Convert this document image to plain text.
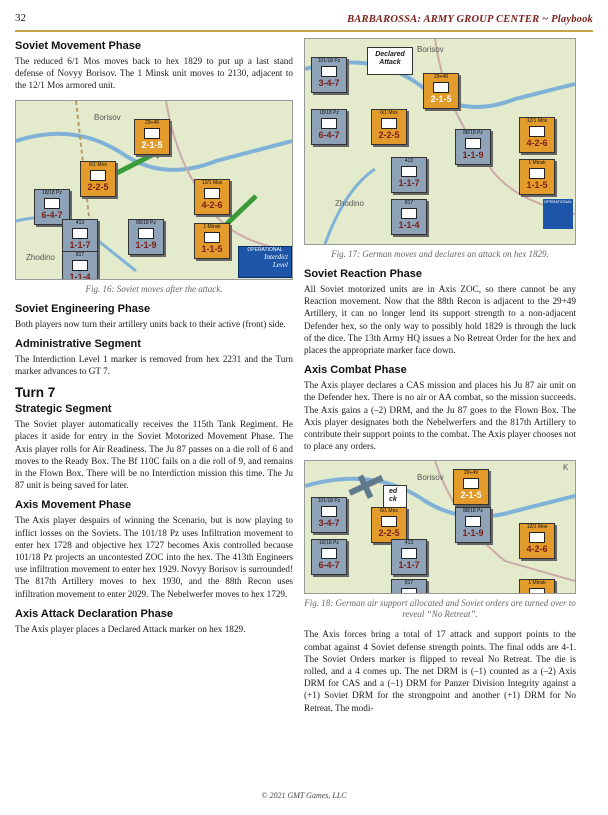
32	BARBAROSSA: ARMY GROUP CENTER ~ Playbook
Soviet Movement Phase

The reduced 6/1 Mos moves back to hex 1829 to put up a last stand defense of Novyy Borisov. The 1 Minsk unit moves to 2130, adjacent to the 12/1 Mos armored unit.

Borisov
Zhodino
OPERATIONAL
Interdict
Level
29+49
2-1-5
6/1 Mos
2-2-5	12/1 Mos
4-2-6
1 Minsk
1-1-5
18/18 Pz
6-4-7
413
1-1-7
88/18 Pz
1-1-9
817
1-1-4
Fig. 16: Soviet moves after the attack.
Soviet Engineering Phase

Both players now turn their artillery units back to their active (front) side.

Administrative Segment

The Interdiction Level 1 marker is removed from hex 2231 and the Turn marker advances to GT 7.

Turn 7
Strategic Segment

The Soviet player automatically receives the 115th Tank Regiment. He places it aside for entry in the Soviet Motorized Movement Phase. The Axis player rolls for Air Readiness. The Ju 87 passes on a die roll of 6 and moves to the Ready Box. The Bf 110C fails on a die roll of 9, and remains in the Flown Box. There will be no Interdiction mission this time. The Ju 87 unit is being saved for later.

Axis Movement Phase

The Axis player despairs of winning the Scenario, but is now playing to inflict losses on the Soviets. The 101/18 Pz uses Infiltration movement to enter hex 1728 and objective hex 1727 becomes Axis controlled because 101/18 Pz projects an uncontested ZOC into the hex. The 413th Engineers use infiltration movement to enter hex 1929. Novyy Borisov is surrounded! The 817th Artillery moves to hex 1930, and the 88th Recon uses infiltration movement to enter 2029. The Nebelwerfer moves to hex 1729.

Axis Attack Declaration Phase

The Axis player places a Declared Attack marker on hex 1829.

Declared
Attack
Borisov
Zhodino	OPERATIONAL
101/18 Pz
3-4-7
29+49
2-1-5
6/1 Mos
2-2-5	88/18 Pz
1-1-9
12/1 Mos
4-2-6
18/18 Pz
6-4-7
413
1-1-7
1 Minsk
1-1-5
817
1-1-4
Fig. 17: German moves and declares an attack on hex 1829.
Soviet Reaction Phase

All Soviet motorized units are in Axis ZOC, so there cannot be any Reaction movement. Now that the 88th Recon is adjacent to the 29+49 Artillery, it can no longer lend its support strength to a non-adjacent Defender hex, so the only way to possibly hold 1829 is through the luck of the dice. The 13th Army HQ issues a No Retreat Order for the hex and places the appropriate marker face down.

Axis Combat Phase

The Axis player declares a CAS mission and places his Ju 87 air unit on the Defender hex. There is no air or AA combat, so the mission succeeds. The Axis gains a (–2) DRM, and the Ju 87 goes to the Flown Box. The Axis player designates both the Nebelwerfers and the 817th Artillery to contribute their support points to the combat. The Axis player chooses not to place any orders.

Borisov
K
ed
ck
29+49
2-1-5
101/18 Pz
3-4-7
6/1 Mos
2-2-5
88/18 Pz
1-1-9
18/18 Pz
6-4-7
413
1-1-7
12/1 Mos
4-2-6
817	1 Minsk
Fig. 18: German air support allocated and Soviet orders are turned over to reveal “No Retreat”.

The Axis forces bring a total of 17 attack and support points to the combat against 4 Soviet defense strength points. The final odds are 4-1. The Soviet Orders marker is flipped to reveal No Retreat. The die is rolled, and a 4 comes up. The net DRM is (–1) counted as a (–2) Axis DRM for CAS and a (–1) DRM for Panzer Division Integrity against a (+1) Soviet DRM for the strongpoint and another (+1) DRM for No Retreat. The modi-

© 2021 GMT Games, LLC
